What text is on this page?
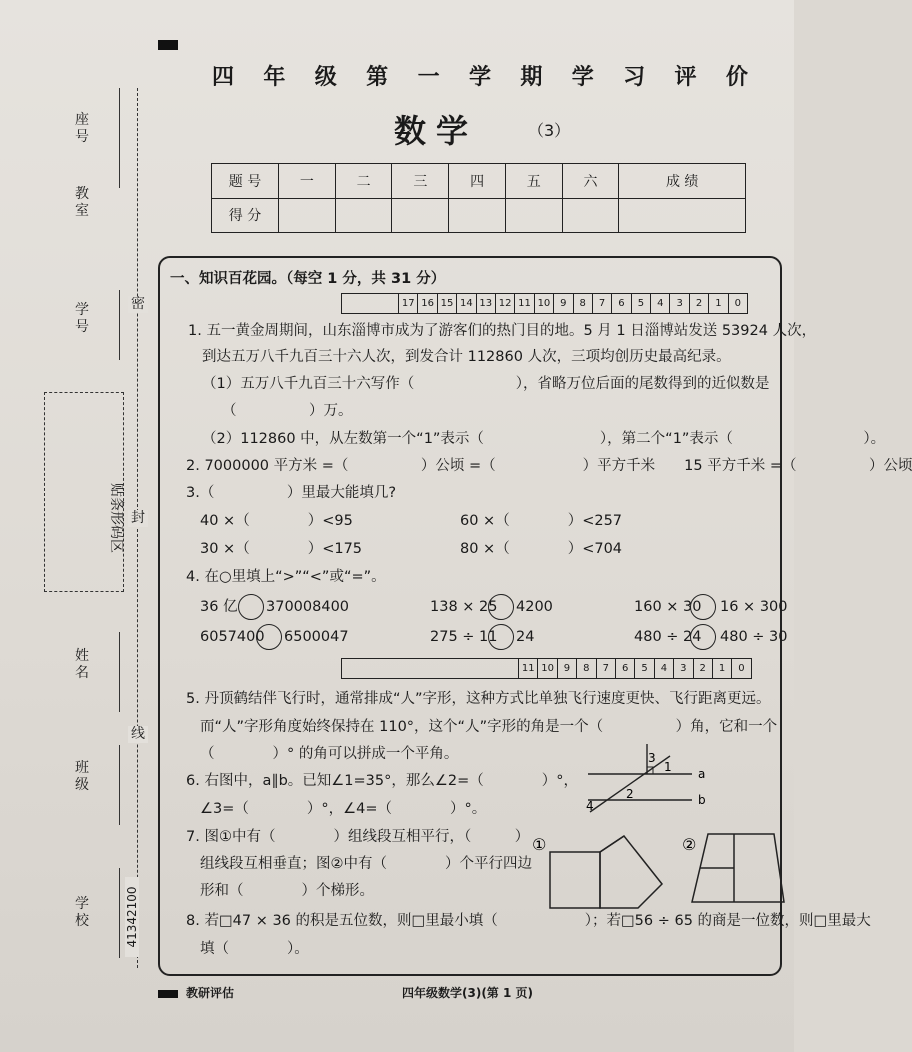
四 年 级 第 一 学 期 学 习 评 价
数学	（3）
题 号	一	二	三	四	五	六	成 绩
得 分							
座号
教室
学号
姓名
班级
学校
贴条形码区
密
封
线
41342100
一、知识百花园。（每空 1 分，共 31 分）
17 16 15 14 13 12 11 10 9	8	7	6	5	4	3	2	1	0
1. 五一黄金周期间，山东淄博市成为了游客们的热门目的地。5 月 1 日淄博站发送 53924 人次，
到达五万八千九百三十六人次，到发合计 112860 人次，三项均创历史最高纪录。
（1）五万八千九百三十六写作（　　　　　　　），省略万位后面的尾数得到的近似数是
（　　　　　）万。
（2）112860 中，从左数第一个“1”表示（　　　　　　　　），第二个“1”表示（　　　　　　　　　）。
2. 7000000 平方米 =（　　　　　）公顷 =（　　　　　　）平方千米　　15 平方千米 =（　　　　　）公顷
3.（　　　　　）里最大能填几?
40 ×（　　　　）<95	60 ×（　　　　）<257
30 ×（　　　　）<175	80 ×（　　　　）<704
4. 在○里填上“>”“<”或“=”。
36 亿 370008400	138 × 25 4200	160 × 30 16 × 300
6057400 6500047	275 ÷ 11 24	480 ÷ 24 480 ÷ 30
11 10 9	8	7	6	5	4	3	2	1	0
5. 丹顶鹤结伴飞行时，通常排成“人”字形，这种方式比单独飞行速度更快、飞行距离更远。
而“人”字形角度始终保持在 110°，这个“人”字形的角是一个（　　　　　）角，它和一个
（　　　　）° 的角可以拼成一个平角。
6. 右图中，a∥b。已知∠1=35°，那么∠2=（　　　　）°，
∠3=（　　　　）°，∠4=（　　　　）°。
7. 图①中有（　　　　）组线段互相平行，（　　　）
组线段互相垂直；图②中有（　　　　）个平行四边
形和（　　　　）个梯形。
8. 若□47 × 36 的积是五位数，则□里最小填（　　　　　　）；若□56 ÷ 65 的商是一位数，则□里最大
填（　　　　）。
a
b
1
2
3
4
①	②
教研评估	四年级数学(3)(第 1 页)
